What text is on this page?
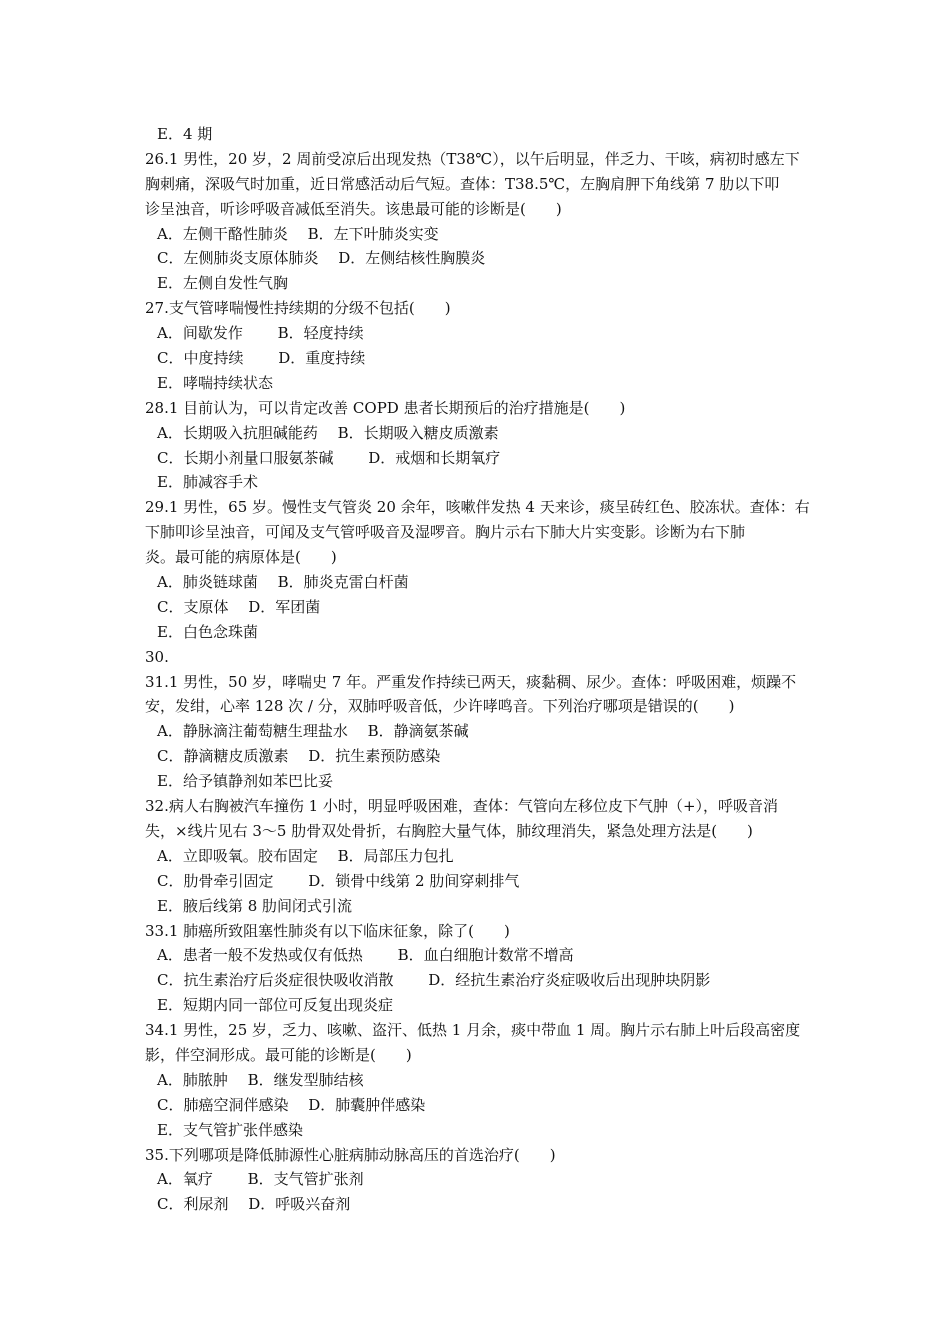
E．4 期
26.1 男性，20 岁，2 周前受凉后出现发热（T38℃），以午后明显，伴乏力、干咳，病初时感左下
胸刺痛，深吸气时加重，近日常感活动后气短。查体：T38.5℃，左胸肩胛下角线第 7 肋以下叩
诊呈浊音，听诊呼吸音减低至消失。该患最可能的诊断是(　　)
A．左侧干酪性肺炎　 B．左下叶肺炎实变
C．左侧肺炎支原体肺炎　 D．左侧结核性胸膜炎
E．左侧自发性气胸
27.支气管哮喘慢性持续期的分级不包括(　　)
A．间歇发作　　 B．轻度持续
C．中度持续　　 D．重度持续
E．哮喘持续状态
28.1 目前认为，可以肯定改善 COPD 患者长期预后的治疗措施是(　　)
A．长期吸入抗胆碱能药　 B．长期吸入糖皮质激素
C．长期小剂量口服氨茶碱　　 D．戒烟和长期氧疗
E．肺减容手术
29.1 男性，65 岁。慢性支气管炎 20 余年，咳嗽伴发热 4 天来诊，痰呈砖红色、胶冻状。查体：右
下肺叩诊呈浊音，可闻及支气管呼吸音及湿啰音。胸片示右下肺大片实变影。诊断为右下肺
炎。最可能的病原体是(　　)
A．肺炎链球菌　 B．肺炎克雷白杆菌
C．支原体　 D．军团菌
E．白色念珠菌
30.
31.1 男性，50 岁，哮喘史 7 年。严重发作持续已两天，痰黏稠、尿少。查体：呼吸困难，烦躁不
安，发绀，心率 128 次 / 分，双肺呼吸音低，少许哮鸣音。下列治疗哪项是错误的(　　)
A．静脉滴注葡萄糖生理盐水　 B．静滴氨茶碱
C．静滴糖皮质激素　 D．抗生素预防感染
E．给予镇静剂如苯巴比妥
32.病人右胸被汽车撞伤 1 小时，明显呼吸困难，查体：气管向左移位皮下气肿（+），呼吸音消
失，×线片见右 3～5 肋骨双处骨折，右胸腔大量气体，肺纹理消失，紧急处理方法是(　　)
A．立即吸氧。胶布固定　 B．局部压力包扎
C．肋骨牵引固定　　 D．锁骨中线第 2 肋间穿刺排气
E．腋后线第 8 肋间闭式引流
33.1 肺癌所致阻塞性肺炎有以下临床征象，除了(　　)
A．患者一般不发热或仅有低热　　 B．血白细胞计数常不增高
C．抗生素治疗后炎症很快吸收消散　　 D．经抗生素治疗炎症吸收后出现肿块阴影
E．短期内同一部位可反复出现炎症
34.1 男性，25 岁，乏力、咳嗽、盗汗、低热 1 月余，痰中带血 1 周。胸片示右肺上叶后段高密度
影，伴空洞形成。最可能的诊断是(　　)
A．肺脓肿　 B．继发型肺结核
C．肺癌空洞伴感染　 D．肺囊肿伴感染
E．支气管扩张伴感染
35.下列哪项是降低肺源性心脏病肺动脉高压的首选治疗(　　)
A．氧疗　　 B．支气管扩张剂
C．利尿剂　 D．呼吸兴奋剂
